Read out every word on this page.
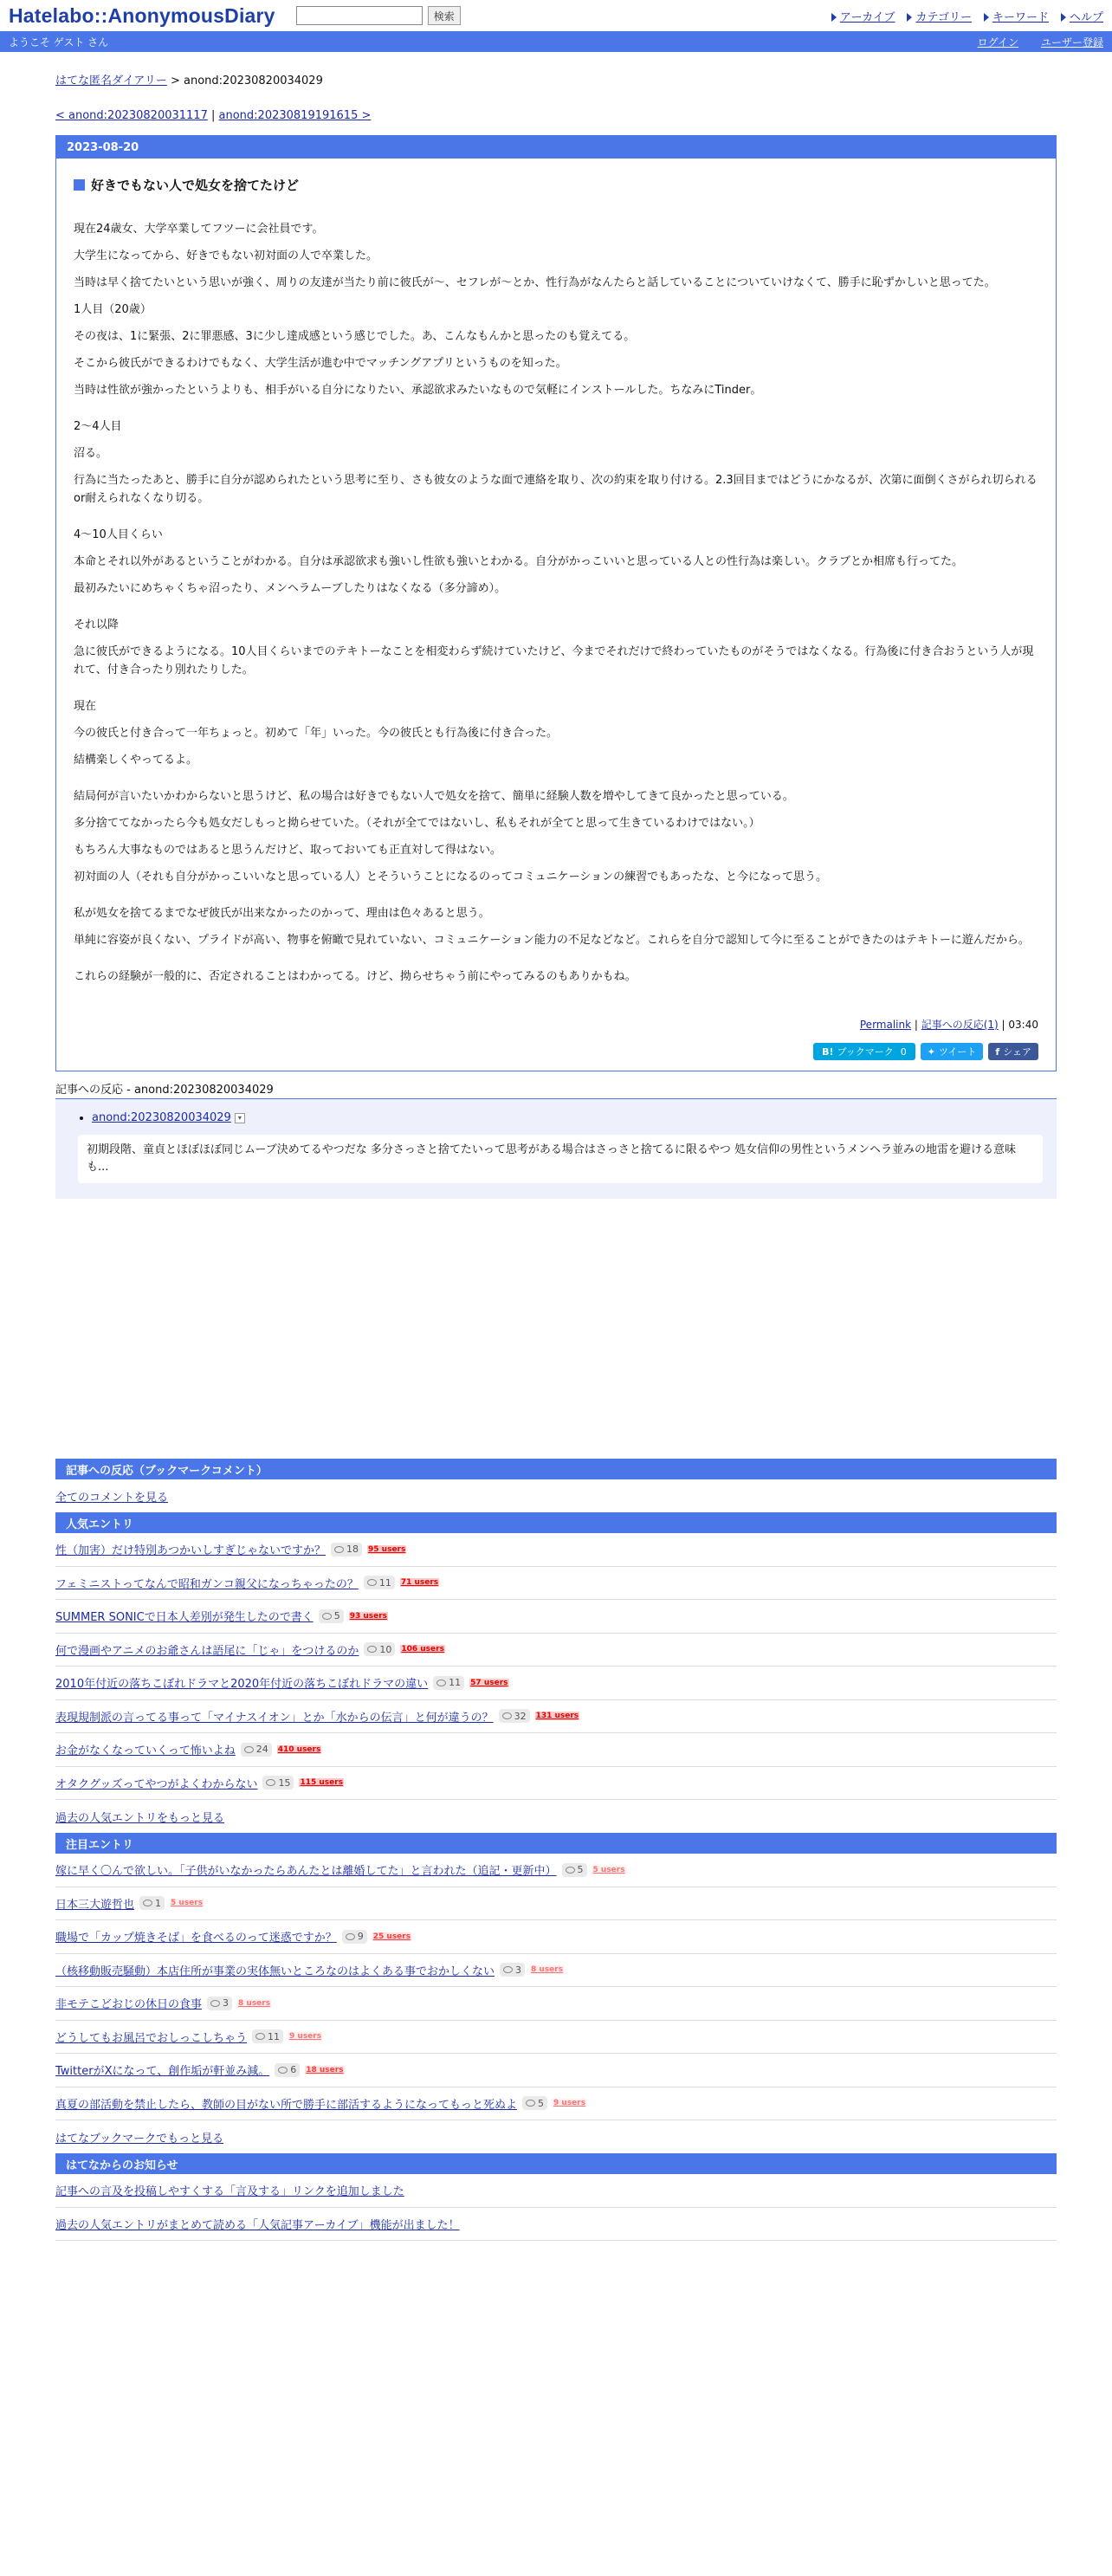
Hatelabo::AnonymousDiary	検索	アーカイブ	カテゴリー	キーワード	ヘルプ
ようこそ ゲスト さん	ログイン ユーザー登録
はてな匿名ダイアリー > anond:20230820034029
< anond:20230820031117 | anond:20230819191615 >
2023-08-20
好きでもない人で処女を捨てたけど

現在24歳女、大学卒業してフツーに会社員です。

大学生になってから、好きでもない初対面の人で卒業した。

当時は早く捨てたいという思いが強く、周りの友達が当たり前に彼氏が〜、セフレが〜とか、性行為がなんたらと話していることについていけなくて、勝手に恥ずかしいと思ってた。

1人目（20歳）

その夜は、1に緊張、2に罪悪感、3に少し達成感という感じでした。あ、こんなもんかと思ったのも覚えてる。

そこから彼氏ができるわけでもなく、大学生活が進む中でマッチングアプリというものを知った。

当時は性欲が強かったというよりも、相手がいる自分になりたい、承認欲求みたいなもので気軽にインストールした。ちなみにTinder。

2〜4人目

沼る。

行為に当たったあと、勝手に自分が認められたという思考に至り、さも彼女のような面で連絡を取り、次の約束を取り付ける。2.3回目まではどうにかなるが、次第に面倒くさがられ切られるor耐えられなくなり切る。

4〜10人目くらい

本命とそれ以外があるということがわかる。自分は承認欲求も強いし性欲も強いとわかる。自分がかっこいいと思っている人との性行為は楽しい。クラブとか相席も行ってた。

最初みたいにめちゃくちゃ沼ったり、メンヘラムーブしたりはなくなる（多分諦め）。

それ以降

急に彼氏ができるようになる。10人目くらいまでのテキトーなことを相変わらず続けていたけど、今までそれだけで終わっていたものがそうではなくなる。行為後に付き合おうという人が現れて、付き合ったり別れたりした。

現在

今の彼氏と付き合って一年ちょっと。初めて「年」いった。今の彼氏とも行為後に付き合った。

結構楽しくやってるよ。

結局何が言いたいかわからないと思うけど、私の場合は好きでもない人で処女を捨て、簡単に経験人数を増やしてきて良かったと思っている。

多分捨ててなかったら今も処女だしもっと拗らせていた。（それが全てではないし、私もそれが全てと思って生きているわけではない。）

もちろん大事なものではあると思うんだけど、取っておいても正直対して得はない。

初対面の人（それも自分がかっこいいなと思っている人）とそういうことになるのってコミュニケーションの練習でもあったな、と今になって思う。

私が処女を捨てるまでなぜ彼氏が出来なかったのかって、理由は色々あると思う。

単純に容姿が良くない、プライドが高い、物事を俯瞰で見れていない、コミュニケーション能力の不足などなど。これらを自分で認知して今に至ることができたのはテキトーに遊んだから。

これらの経験が一般的に、否定されることはわかってる。けど、拗らせちゃう前にやってみるのもありかもね。

Permalink | 記事への反応(1) | 03:40
B! ブックマーク 0 ✦ ツイート f シェア
記事への反応 - anond:20230820034029
• anond:20230820034029 ▾
初期段階、童貞とほぼほぼ同じムーブ決めてるやつだな 多分さっさと捨てたいって思考がある場合はさっさと捨てるに限るやつ 処女信仰の男性というメンヘラ並みの地雷を避ける意味も...
記事への反応（ブックマークコメント）
全てのコメントを見る
人気エントリ
性（加害）だけ特別あつかいしすぎじゃないですか？ 18 95 users
フェミニストってなんで昭和ガンコ親父になっちゃったの？ 11 71 users
SUMMER SONICで日本人差別が発生したので書く 5 93 users
何で漫画やアニメのお爺さんは語尾に「じゃ」をつけるのか 10 106 users
2010年付近の落ちこぼれドラマと2020年付近の落ちこぼれドラマの違い 11 57 users
表現規制派の言ってる事って「マイナスイオン」とか「水からの伝言」と何が違うの？ 32 131 users
お金がなくなっていくって怖いよね 24 410 users
オタクグッズってやつがよくわからない 15 115 users
過去の人気エントリをもっと見る
注目エントリ
嫁に早く〇んで欲しい。「子供がいなかったらあんたとは離婚してた」と言われた（追記・更新中） 5 5 users
日本三大遊哲也 1 5 users
職場で「カップ焼きそば」を食べるのって迷惑ですか？ 9 25 users
（核移動販売騒動）本店住所が事業の実体無いところなのはよくある事でおかしくない 3 8 users
非モテこどおじの休日の食事 3 8 users
どうしてもお風呂でおしっこしちゃう 11 9 users
TwitterがXになって、創作垢が軒並み減。 6 18 users
真夏の部活動を禁止したら、教師の目がない所で勝手に部活するようになってもっと死ぬよ 5 9 users
はてなブックマークでもっと見る
はてなからのお知らせ
記事への言及を投稿しやすくする「言及する」リンクを追加しました
過去の人気エントリがまとめて読める「人気記事アーカイブ」機能が出ました！
